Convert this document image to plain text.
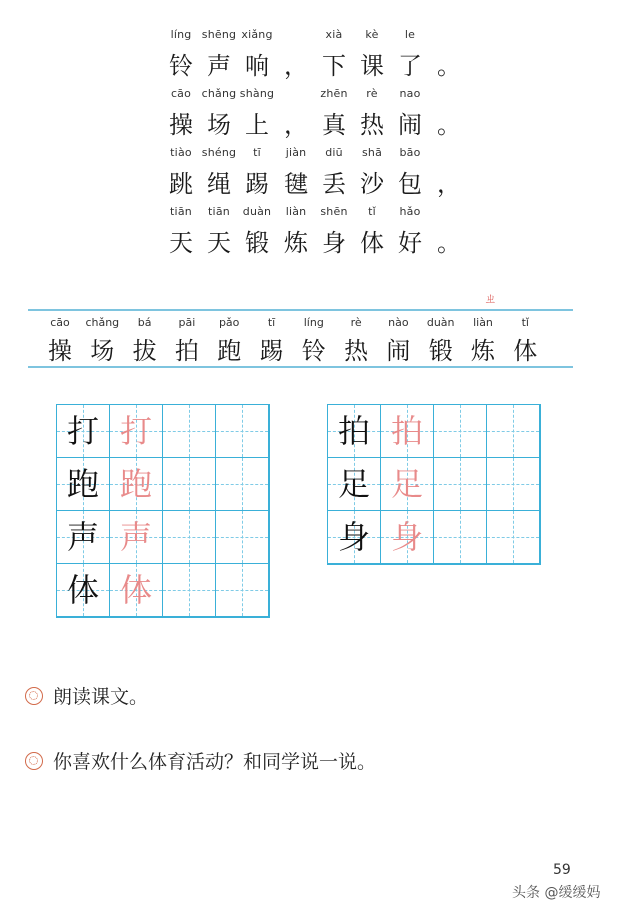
líng
铃
shēng
声
xiǎng
响 ，
xià
下
kè
课
le
了 。
cāo
操
chǎng
场
shàng
上 ，
zhēn
真
rè
热
nao
闹 。
tiào
跳
shéng
绳
tī
踢
jiàn
毽
diū
丢
shā
沙
bāo
包 ，
tiān
天
tiān
天
duàn
锻
liàn
炼
shēn
身
tǐ
体
hǎo
好 。
ㄓ
cāo
操
chǎng
场
bá
拔
pāi
拍
pǎo
跑
tī
踢
líng
铃
rè
热
nào
闹
duàn
锻
liàn
炼
tǐ
体
打 打
跑 跑
声 声
体 体
拍 拍
足 足
身 身
朗读课文。
你喜欢什么体育活动？和同学说一说。
59
头条 @缓缓妈
